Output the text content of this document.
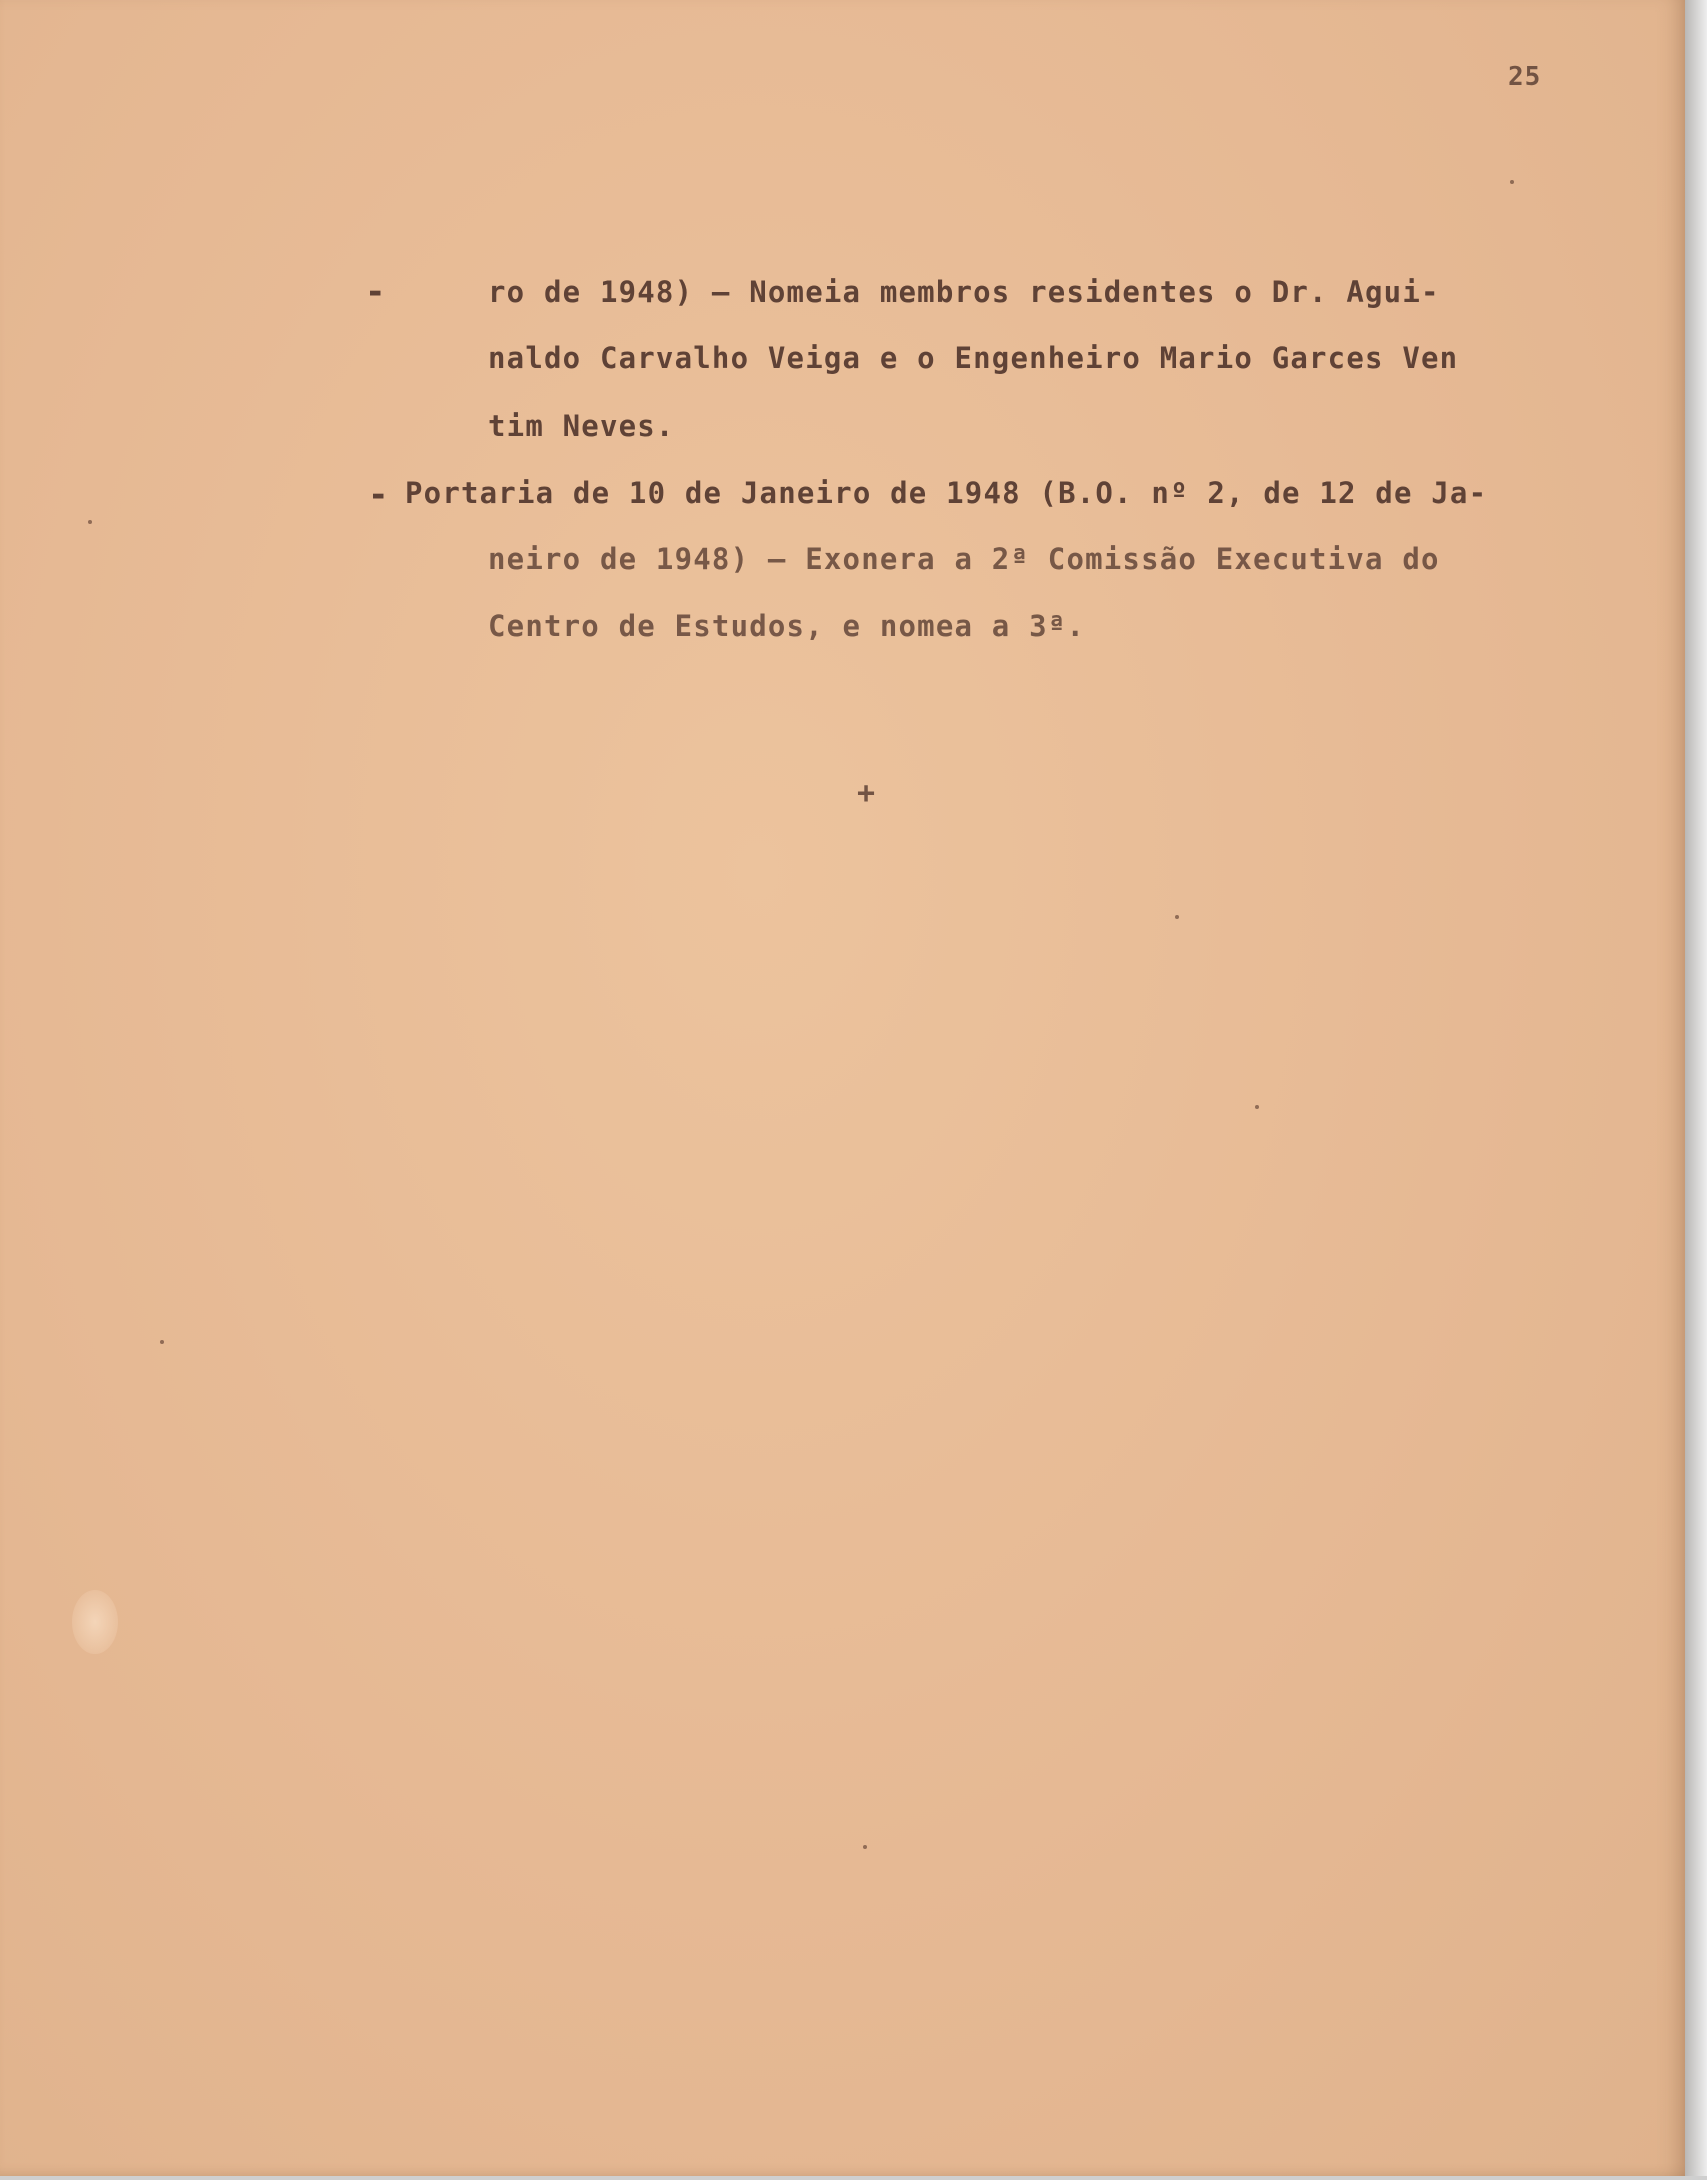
25
-	ro de 1948) — Nomeia membros residentes o Dr. Agui-
naldo Carvalho Veiga e o Engenheiro Mario Garces Ven
tim Neves.
- Portaria de 10 de Janeiro de 1948 (B.O. nº 2, de 12 de Ja-
neiro de 1948) — Exonera a 2ª Comissão Executiva do
Centro de Estudos, e nomea a 3ª.
+
